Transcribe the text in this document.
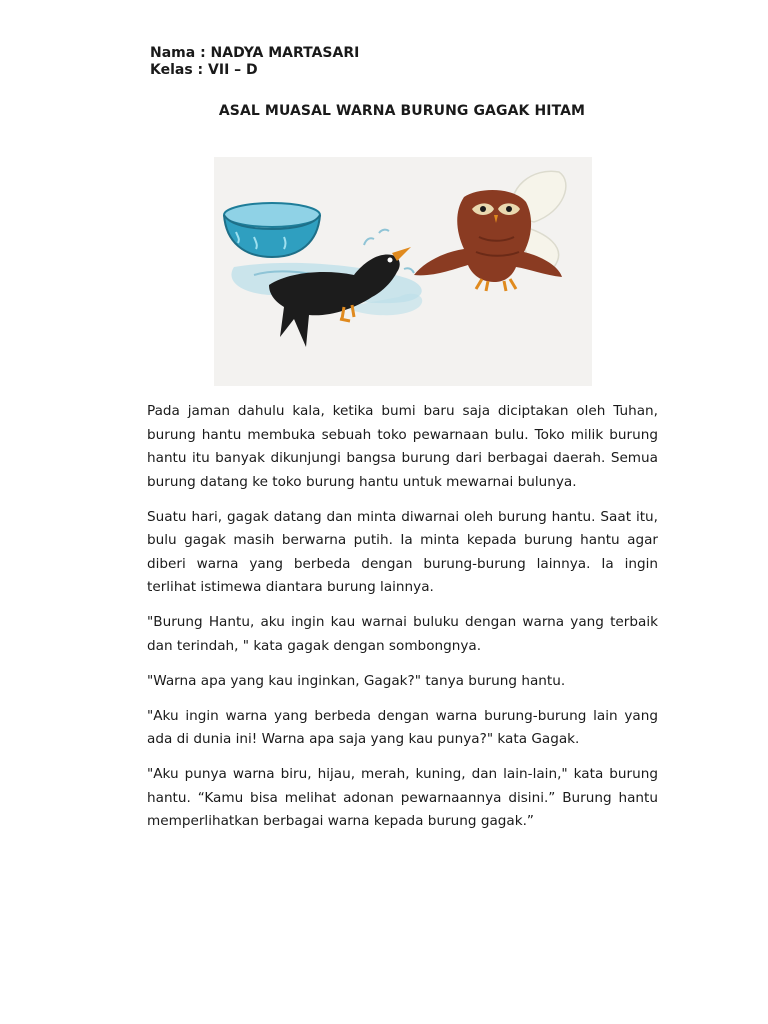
Nama : NADYA MARTASARI
Kelas : VII – D
ASAL MUASAL WARNA BURUNG GAGAK HITAM

Pada jaman dahulu kala, ketika bumi baru saja diciptakan oleh Tuhan, burung hantu membuka sebuah toko pewarnaan bulu. Toko milik burung hantu itu banyak dikunjungi bangsa burung dari berbagai daerah. Semua burung datang ke toko burung hantu untuk mewarnai bulunya.

Suatu hari, gagak datang dan minta diwarnai oleh burung hantu. Saat itu, bulu gagak masih berwarna putih. Ia minta kepada burung hantu agar diberi warna yang berbeda dengan burung-burung lainnya. Ia ingin terlihat istimewa diantara burung lainnya.

"Burung Hantu, aku ingin kau warnai buluku dengan warna yang terbaik dan terindah, " kata gagak dengan sombongnya.

"Warna apa yang kau inginkan, Gagak?" tanya burung hantu.

"Aku ingin warna yang berbeda dengan warna burung-burung lain yang ada di dunia ini! Warna apa saja yang kau punya?" kata Gagak.

"Aku punya warna biru, hijau, merah, kuning, dan lain-lain," kata burung hantu. “Kamu bisa melihat adonan pewarnaannya disini.” Burung hantu memperlihatkan berbagai warna kepada burung gagak.”
